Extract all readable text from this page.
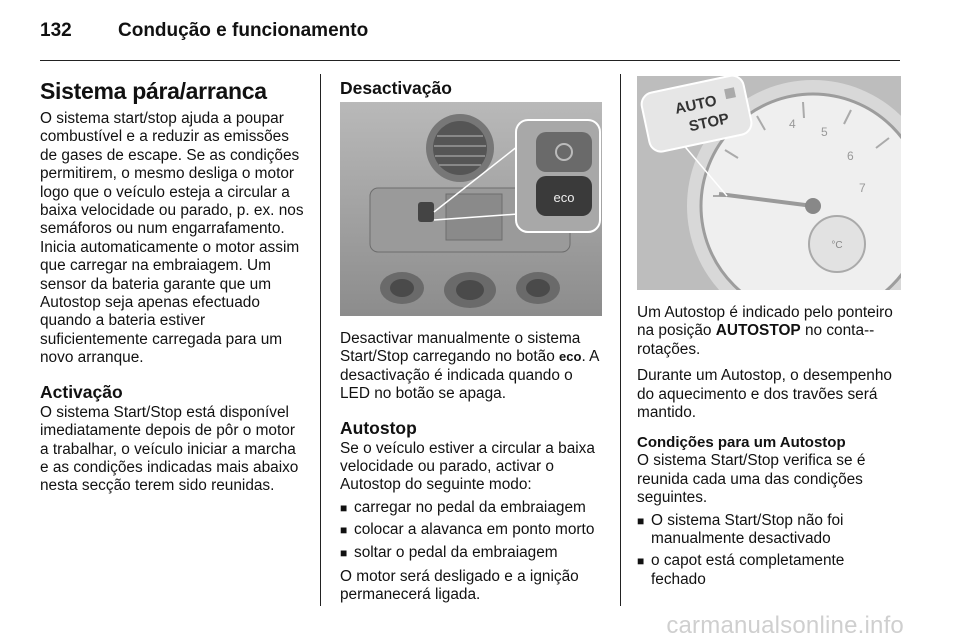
132 Condução e funcionamento
Sistema pára/arranca

O sistema start/stop ajuda a poupar combustível e a reduzir as emissões de gases de escape. Se as condições permitirem, o mesmo desliga o motor logo que o veículo esteja a circular a baixa velocidade ou parado, p. ex. nos semáforos ou num engarrafamento. Inicia automaticamente o motor assim que carregar na embraiagem. Um sensor da bateria garante que um Autostop seja apenas efectuado quando a bateria estiver suficientemente carregada para um novo arranque.

Activação

O sistema Start/Stop está disponível imediatamente depois de pôr o motor a trabalhar, o veículo iniciar a marcha e as condições indicadas mais abaixo nesta secção terem sido reunidas.

Desactivação
eco

Desactivar manualmente o sistema Start/Stop carregando no botão eco. A desactivação é indicada quando o LED no botão se apaga.

Autostop

Se o veículo estiver a circular a baixa velocidade ou parado, activar o Autostop do seguinte modo:

■ carregar no pedal da embraiagem
■ colocar a alavanca em ponto morto
■ soltar o pedal da embraiagem

O motor será desligado e a ignição permanecerá ligada.

4
5
6
7
°C
AUTO
STOP

Um Autostop é indicado pelo ponteiro na posição AUTOSTOP no conta--rotações.

Durante um Autostop, o desempenho do aquecimento e dos travões será mantido.

Condições para um Autostop

O sistema Start/Stop verifica se é reunida cada uma das condições seguintes.

■ O sistema Start/Stop não foi manualmente desactivado
■ o capot está completamente fechado
carmanualsonline.info
